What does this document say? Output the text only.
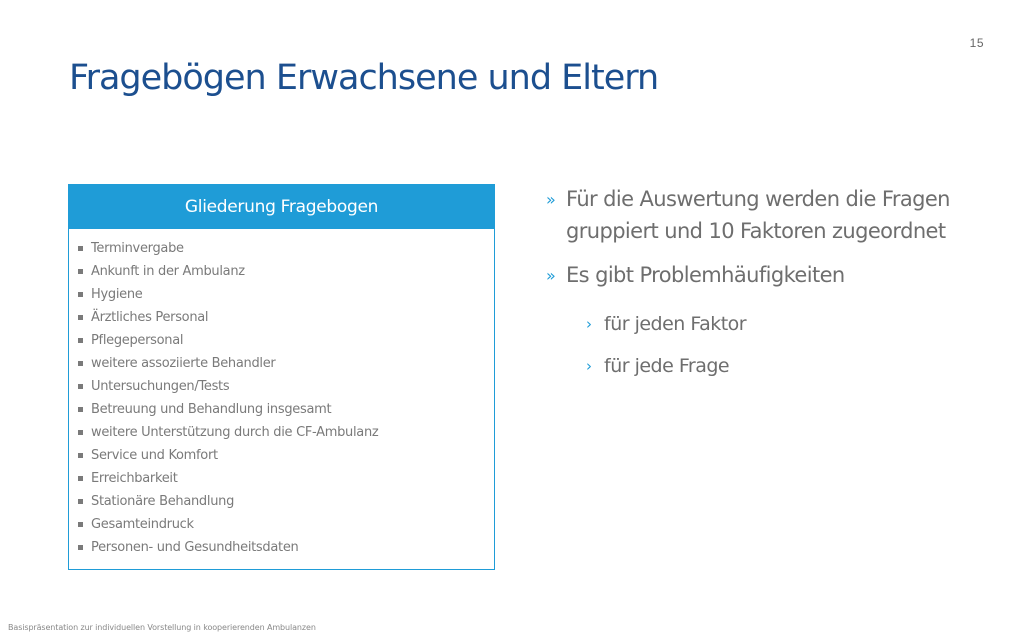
15
Fragebögen Erwachsene und Eltern
Gliederung Fragebogen
Terminvergabe
Ankunft in der Ambulanz
Hygiene
Ärztliches Personal
Pflegepersonal
weitere assoziierte Behandler
Untersuchungen/Tests
Betreuung und Behandlung insgesamt
weitere Unterstützung durch die CF-Ambulanz
Service und Komfort
Erreichbarkeit
Stationäre Behandlung
Gesamteindruck
Personen- und Gesundheitsdaten
» Für die Auswertung werden die Fragen
gruppiert und 10 Faktoren zugeordnet
» Es gibt Problemhäufigkeiten
› für jeden Faktor
› für jede Frage
Basispräsentation zur individuellen Vorstellung in kooperierenden Ambulanzen
